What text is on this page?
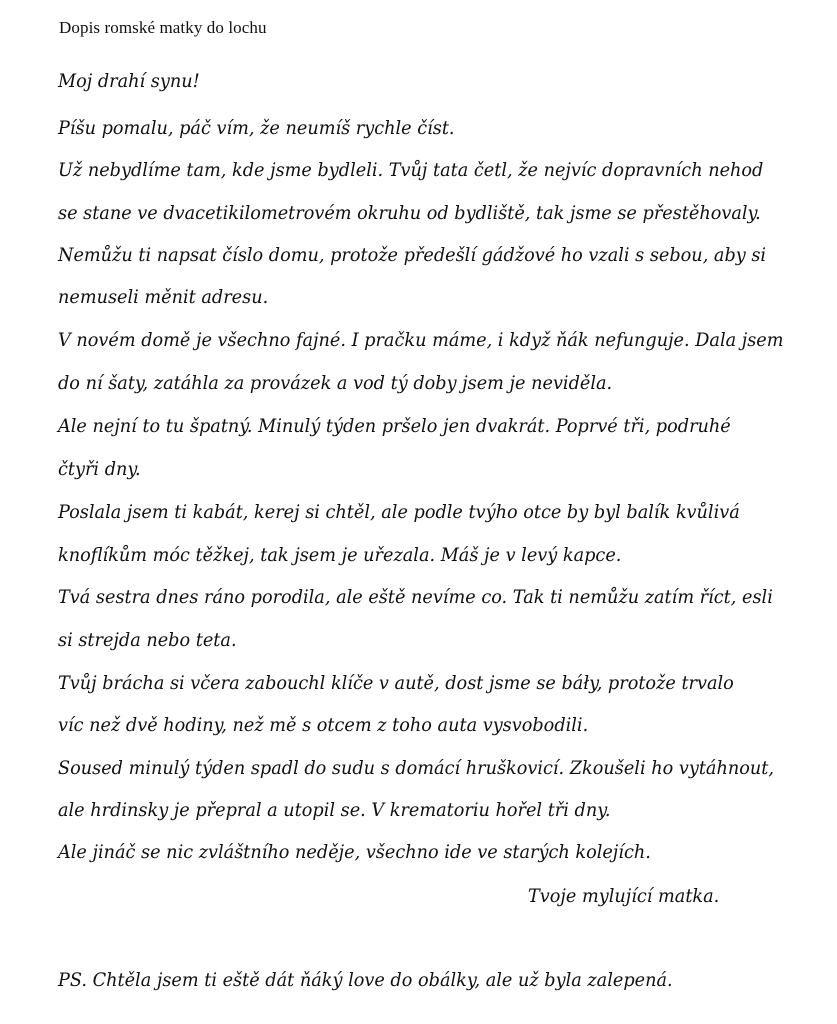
Dopis romské matky do lochu
Moj drahí synu!
Píšu pomalu, páč vím, že neumíš rychle číst.
Už nebydlíme tam, kde jsme bydleli. Tvůj tata četl, že nejvíc dopravních nehod
se stane ve dvacetikilometrovém okruhu od bydliště, tak jsme se přestěhovaly.
Nemůžu ti napsat číslo domu, protože předešlí gádžové ho vzali s sebou, aby si
nemuseli měnit adresu.
V novém domě je všechno fajné. I pračku máme, i když ňák nefunguje. Dala jsem
do ní šaty, zatáhla za provázek a vod tý doby jsem je neviděla.
Ale nejní to tu špatný. Minulý týden pršelo jen dvakrát. Poprvé tři, podruhé
čtyři dny.
Poslala jsem ti kabát, kerej si chtěl, ale podle tvýho otce by byl balík kvůlivá
knoflíkům móc těžkej, tak jsem je uřezala. Máš je v levý kapce.
Tvá sestra dnes ráno porodila, ale eště nevíme co. Tak ti nemůžu zatím říct, esli
si strejda nebo teta.
Tvůj brácha si včera zabouchl klíče v autě, dost jsme se báły, protože trvalo
víc než dvě hodiny, než mě s otcem z toho auta vysvobodili.
Soused minulý týden spadl do sudu s domácí hruškovicí. Zkoušeli ho vytáhnout,
ale hrdinsky je přepral a utopil se. V krematoriu hořel tři dny.
Ale jináč se nic zvláštního neděje, všechno ide ve starých kolejích.
Tvoje mylující matka.
PS. Chtěla jsem ti eště dát ňáký love do obálky, ale už byla zalepená.
